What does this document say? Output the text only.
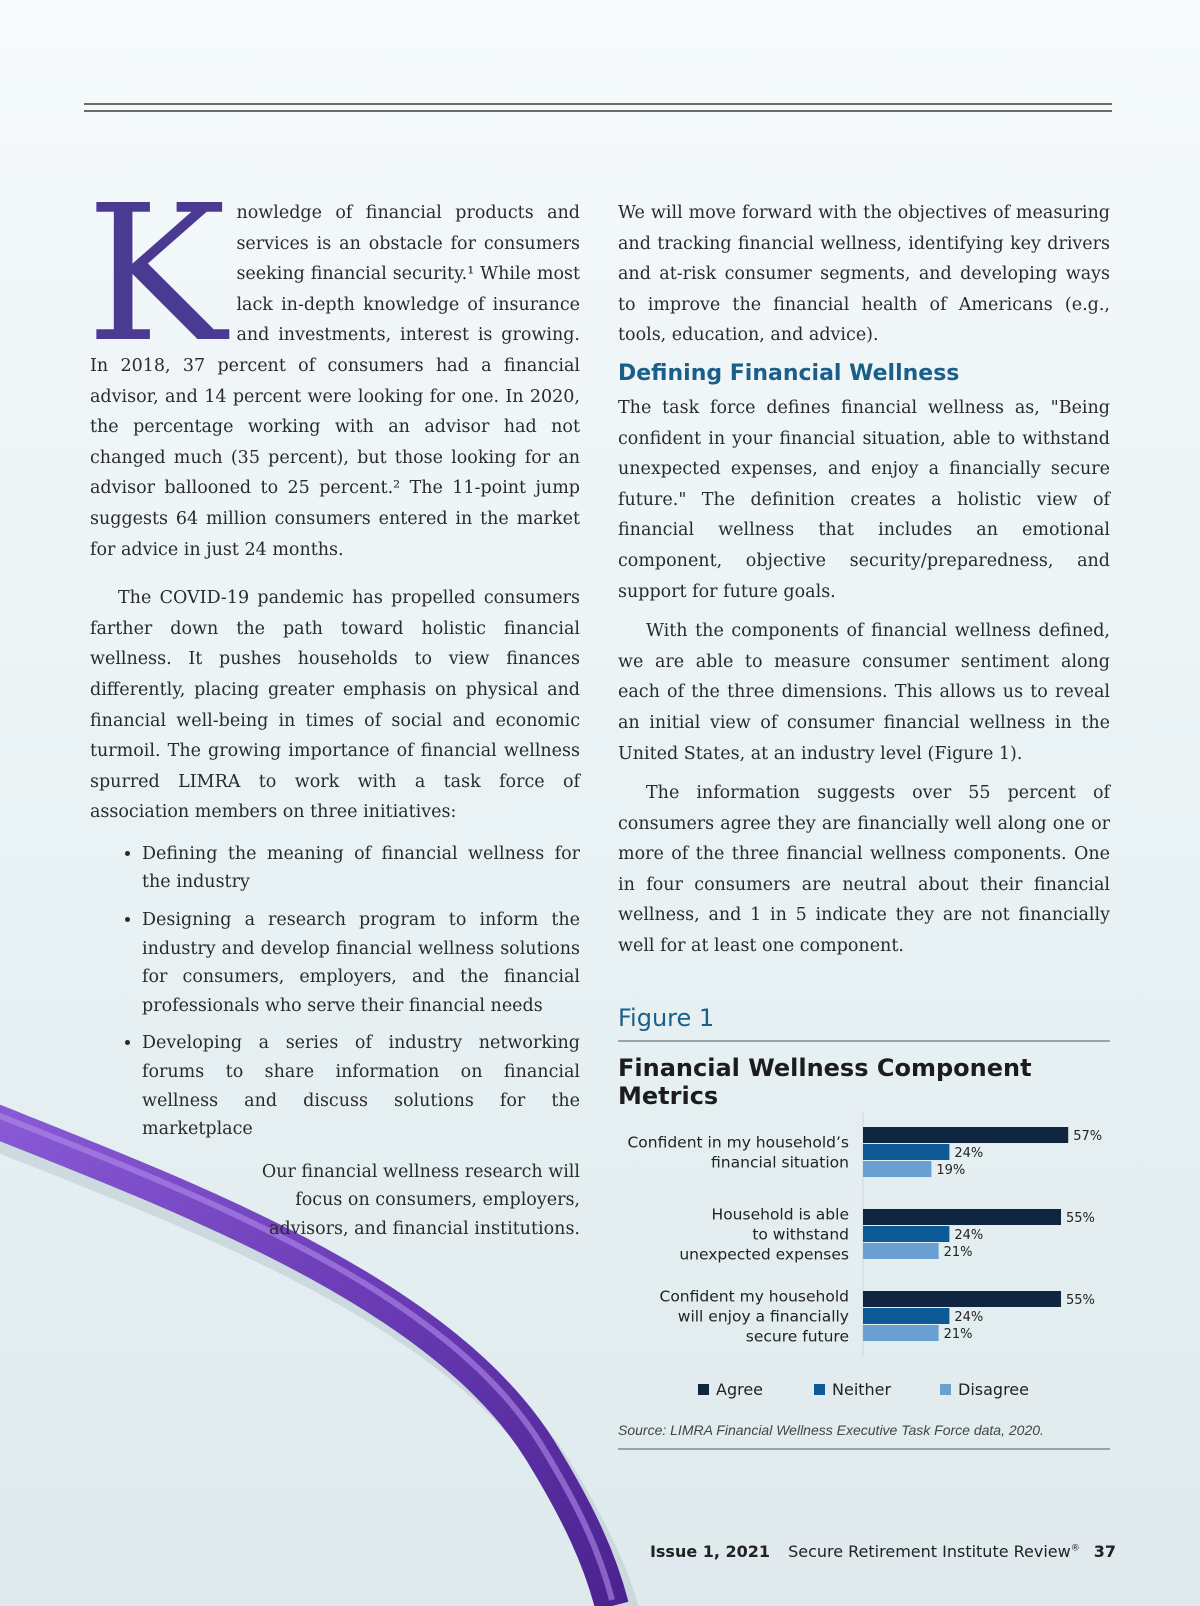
Knowledge of financial products and services is an obstacle for consumers seeking financial security.¹ While most lack in-depth knowledge of insurance and investments, interest is growing. In 2018, 37 percent of consumers had a financial advisor, and 14 percent were looking for one. In 2020, the percentage working with an advisor had not changed much (35 percent), but those looking for an advisor ballooned to 25 percent.² The 11-point jump suggests 64 million consumers entered in the market for advice in just 24 months.

The COVID-19 pandemic has propelled consumers farther down the path toward holistic financial wellness. It pushes households to view finances differently, placing greater emphasis on physical and financial well-being in times of social and economic turmoil. The growing importance of financial wellness spurred LIMRA to work with a task force of association members on three initiatives:

• Defining the meaning of financial wellness for the industry
• Designing a research program to inform the industry and develop financial wellness solutions for consumers, employers, and the financial professionals who serve their financial needs
• Developing a series of industry networking forums to share information on financial wellness and discuss solutions for the marketplace

Our financial wellness research will focus on consumers, employers, advisors, and financial institutions.

We will move forward with the objectives of measuring and tracking financial wellness, identifying key drivers and at-risk consumer segments, and developing ways to improve the financial health of Americans (e.g., tools, education, and advice).

Defining Financial Wellness

The task force defines financial wellness as, "Being confident in your financial situation, able to withstand unexpected expenses, and enjoy a financially secure future." The definition creates a holistic view of financial wellness that includes an emotional component, objective security/preparedness, and support for future goals.

With the components of financial wellness defined, we are able to measure consumer sentiment along each of the three dimensions. This allows us to reveal an initial view of consumer financial wellness in the United States, at an industry level (Figure 1).

The information suggests over 55 percent of consumers agree they are financially well along one or more of the three financial wellness components. One in four consumers are neutral about their financial wellness, and 1 in 5 indicate they are not financially well for at least one component.

Figure 1
Financial Wellness Component Metrics
Confident in my household’s
financial situation
57%
24%
19%
Household is able
to withstand
unexpected expenses
55%
24%
21%
Confident my household
will enjoy a financially
secure future
55%
24%
21%
Agree	Neither	Disagree
Source: LIMRA Financial Wellness Executive Task Force data, 2020.
Issue 1, 2021 Secure Retirement Institute Review® 37
